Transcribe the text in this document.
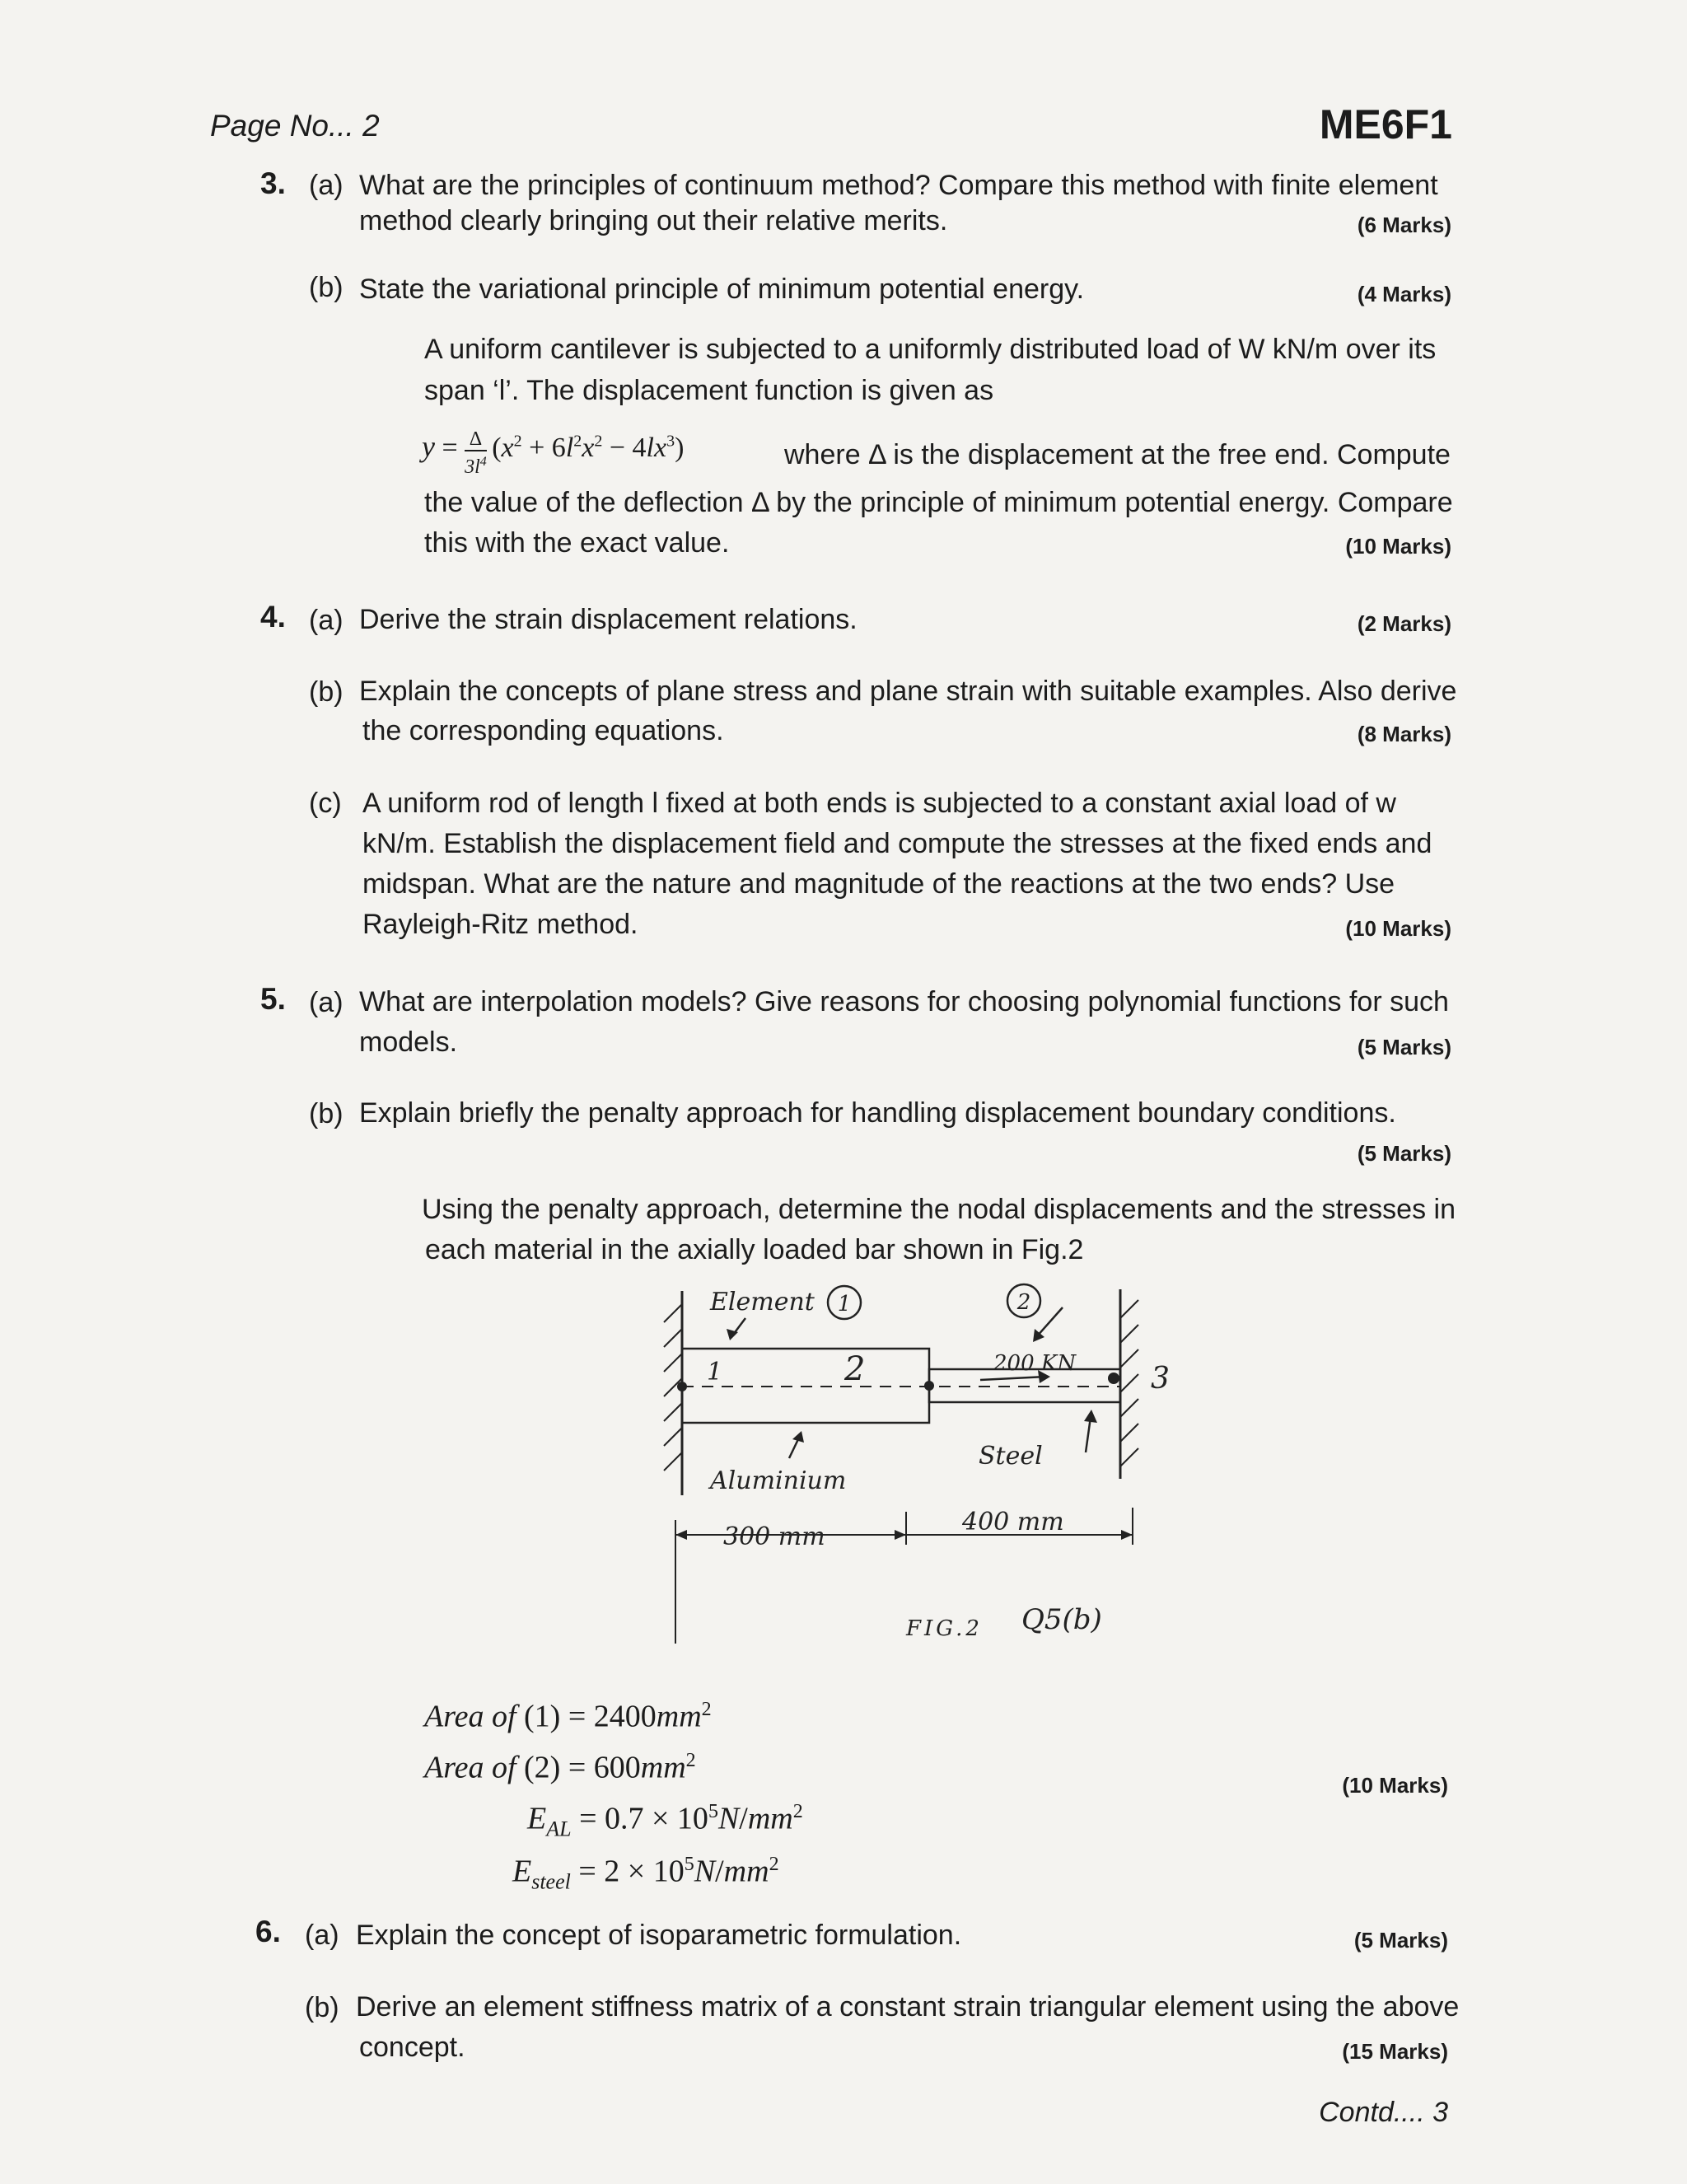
Page No... 2	ME6F1
3. (a) What are the principles of continuum method? Compare this method with finite element
method clearly bringing out their relative merits.	(6 Marks)
(b) State the variational principle of minimum potential energy.	(4 Marks)
A uniform cantilever is subjected to a uniformly distributed load of W kN/m over its
span ‘l’. The displacement function is given as
$y = \frac{\Delta}{3l^4} (x^2 + 6l^2x^2 - 4lx^3)$	where Δ is the displacement at the free end. Compute
the value of the deflection Δ by the principle of minimum potential energy. Compare
this with the exact value.	(10 Marks)
4. (a) Derive the strain displacement relations.	(2 Marks)
(b) Explain the concepts of plane stress and plane strain with suitable examples. Also derive
the corresponding equations.	(8 Marks)
(c) A uniform rod of length l fixed at both ends is subjected to a constant axial load of w
kN/m. Establish the displacement field and compute the stresses at the fixed ends and
midspan. What are the nature and magnitude of the reactions at the two ends? Use
Rayleigh-Ritz method.	(10 Marks)
5. (a) What are interpolation models? Give reasons for choosing polynomial functions for such
models.	(5 Marks)
(b) Explain briefly the penalty approach for handling displacement boundary conditions.
(5 Marks)
Using the penalty approach, determine the nodal displacements and the stresses in
each material in the axially loaded bar shown in Fig.2
Element 1	2
1	2	3
200 KN
Aluminium
Steel
300 mm
400 mm
FIG.2 Q5(b)
Area of $(1) = 2400mm^2$
Area of $(2) = 600mm^2$
$E_{AL} = 0.7 \times 10^5N/mm^2$
$E_{steel} = 2 \times 10^5N/mm^2$
(10 Marks)
6. (a) Explain the concept of isoparametric formulation.	(5 Marks)
(b) Derive an element stiffness matrix of a constant strain triangular element using the above
concept.	(15 Marks)
Contd.... 3
